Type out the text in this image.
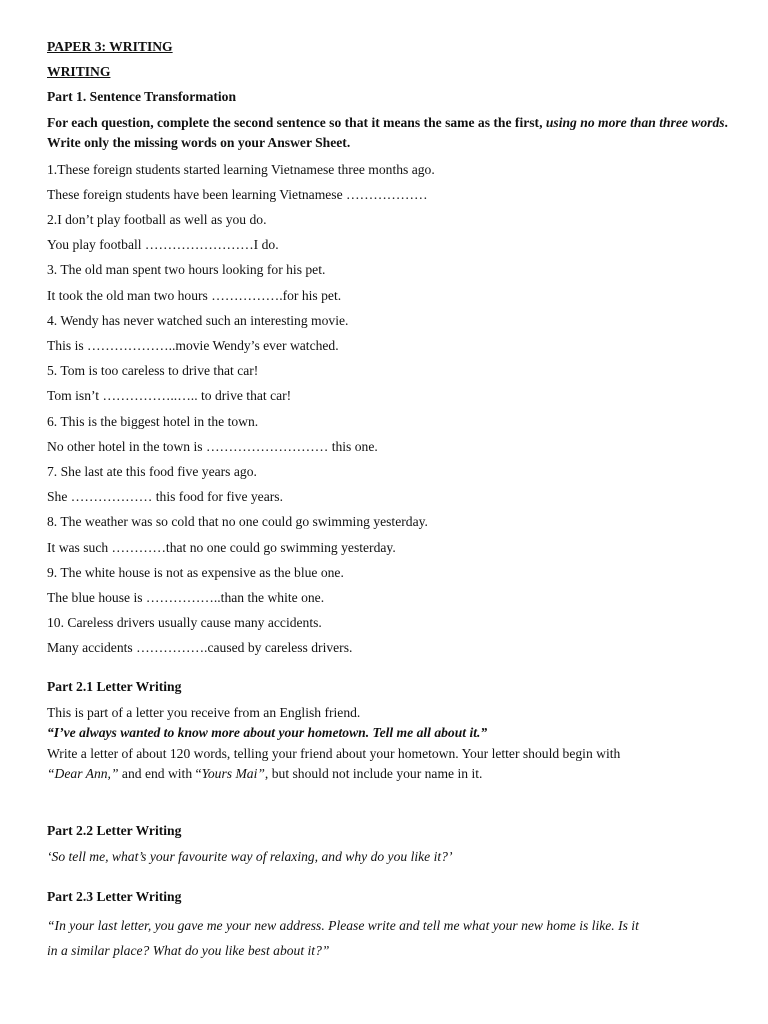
PAPER 3: WRITING
WRITING
Part 1. Sentence Transformation
For each question, complete the second sentence so that it means the same as the first, using no more than three words. Write only the missing words on your Answer Sheet.
1.These foreign students started learning Vietnamese three months ago.
These foreign students have been learning Vietnamese ………………
2.I don’t play football as well as you do.
You play football ……………………I do.
3. The old man spent two hours looking for his pet.
It took the old man two hours …………….for his pet.
4. Wendy has never watched such an interesting movie.
This is ………………..movie Wendy’s ever watched.
5. Tom is too careless to drive that car!
Tom isn’t ……………..….. to drive that car!
6. This is the biggest hotel in the town.
No other hotel in the town is ……………………… this one.
7. She last ate this food five years ago.
She ……………… this food for five years.
8. The weather was so cold that no one could go swimming yesterday.
It was such …………that no one could go swimming yesterday.
9. The white house is not as expensive as the blue one.
The blue house is ……………..than the white one.
10. Careless drivers usually cause many accidents.
Many accidents …………….caused by careless drivers.
Part 2.1 Letter Writing
This is part of a letter you receive from an English friend.
“I’ve always wanted to know more about your hometown. Tell me all about it.”
Write a letter of about 120 words, telling your friend about your hometown. Your letter should begin with
“Dear Ann,” and end with “Yours Mai”, but should not include your name in it.
Part 2.2 Letter Writing
‘So tell me, what’s your favourite way of relaxing, and why do you like it?’
Part 2.3 Letter Writing
“In your last letter, you gave me your new address. Please write and tell me what your new home is like. Is it
in a similar place? What do you like best about it?”
